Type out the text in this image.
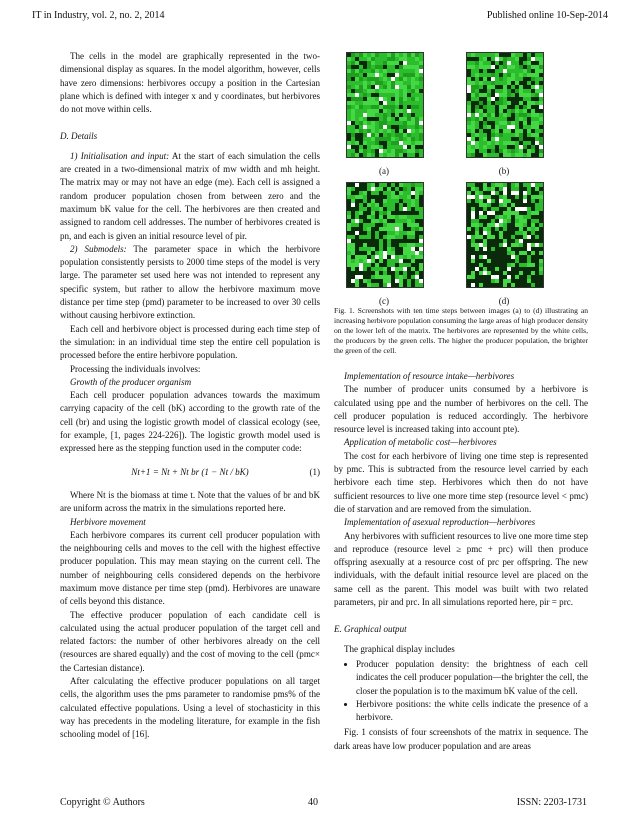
IT in Industry, vol. 2, no. 2, 2014	Published online 10-Sep-2014

The cells in the model are graphically represented in the two-dimensional display as squares. In the model algorithm, however, cells have zero dimensions: herbivores occupy a position in the Cartesian plane which is defined with integer x and y coordinates, but herbivores do not move within cells.

D. Details

1) Initialisation and input: At the start of each simulation the cells are created in a two-dimensional matrix of mw width and mh height. The matrix may or may not have an edge (me). Each cell is assigned a random producer population chosen from between zero and the maximum bK value for the cell. The herbivores are then created and assigned to random cell addresses. The number of herbivores created is pn, and each is given an initial resource level of pir.

2) Submodels: The parameter space in which the herbivore population consistently persists to 2000 time steps of the model is very large. The parameter set used here was not intended to represent any specific system, but rather to allow the herbivore maximum move distance per time step (pmd) parameter to be increased to over 30 cells without causing herbivore extinction.

Each cell and herbivore object is processed during each time step of the simulation: in an individual time step the entire cell population is processed before the entire herbivore population.

Processing the individuals involves:

Growth of the producer organism

Each cell producer population advances towards the maximum carrying capacity of the cell (bK) according to the growth rate of the cell (br) and using the logistic growth model of classical ecology (see, for example, [1, pages 224-226]). The logistic growth model used is expressed here as the stepping function used in the computer code:

Nt+1 = Nt + Nt br (1 − Nt / bK)	(1)

Where Nt is the biomass at time t. Note that the values of br and bK are uniform across the matrix in the simulations reported here.

Herbivore movement

Each herbivore compares its current cell producer population with the neighbouring cells and moves to the cell with the highest effective producer population. This may mean staying on the current cell. The number of neighbouring cells considered depends on the herbivore maximum move distance per time step (pmd). Herbivores are unaware of cells beyond this distance.

The effective producer population of each candidate cell is calculated using the actual producer population of the target cell and related factors: the number of other herbivores already on the cell (resources are shared equally) and the cost of moving to the cell (pmc× the Cartesian distance).

After calculating the effective producer populations on all target cells, the algorithm uses the pms parameter to randomise pms% of the calculated effective populations. Using a level of stochasticity in this way has precedents in the modeling literature, for example in the fish schooling model of [16].

(a)	(b)
(c)	(d)

Fig. 1. Screenshots with ten time steps between images (a) to (d) illustrating an increasing herbivore population consuming the large areas of high producer density on the lower left of the matrix. The herbivores are represented by the white cells, the producers by the green cells. The higher the producer population, the brighter the green of the cell.

Implementation of resource intake—herbivores

The number of producer units consumed by a herbivore is calculated using ppe and the number of herbivores on the cell. The cell producer population is reduced accordingly. The herbivore resource level is increased taking into account pte).

Application of metabolic cost—herbivores

The cost for each herbivore of living one time step is represented by pmc. This is subtracted from the resource level carried by each herbivore each time step. Herbivores which then do not have sufficient resources to live one more time step (resource level < pmc) die of starvation and are removed from the simulation.

Implementation of asexual reproduction—herbivores

Any herbivores with sufficient resources to live one more time step and reproduce (resource level ≥ pmc + prc) will then produce offspring asexually at a resource cost of prc per offspring. The new individuals, with the default initial resource level are placed on the same cell as the parent. This model was built with two related parameters, pir and prc. In all simulations reported here, pir = prc.

E. Graphical output

The graphical display includes

• Producer population density: the brightness of each cell indicates the cell producer population—the brighter the cell, the closer the population is to the maximum bK value of the cell.
• Herbivore positions: the white cells indicate the presence of a herbivore.

Fig. 1 consists of four screenshots of the matrix in sequence. The dark areas have low producer population and are areas

Copyright © Authors	40	ISSN: 2203-1731
